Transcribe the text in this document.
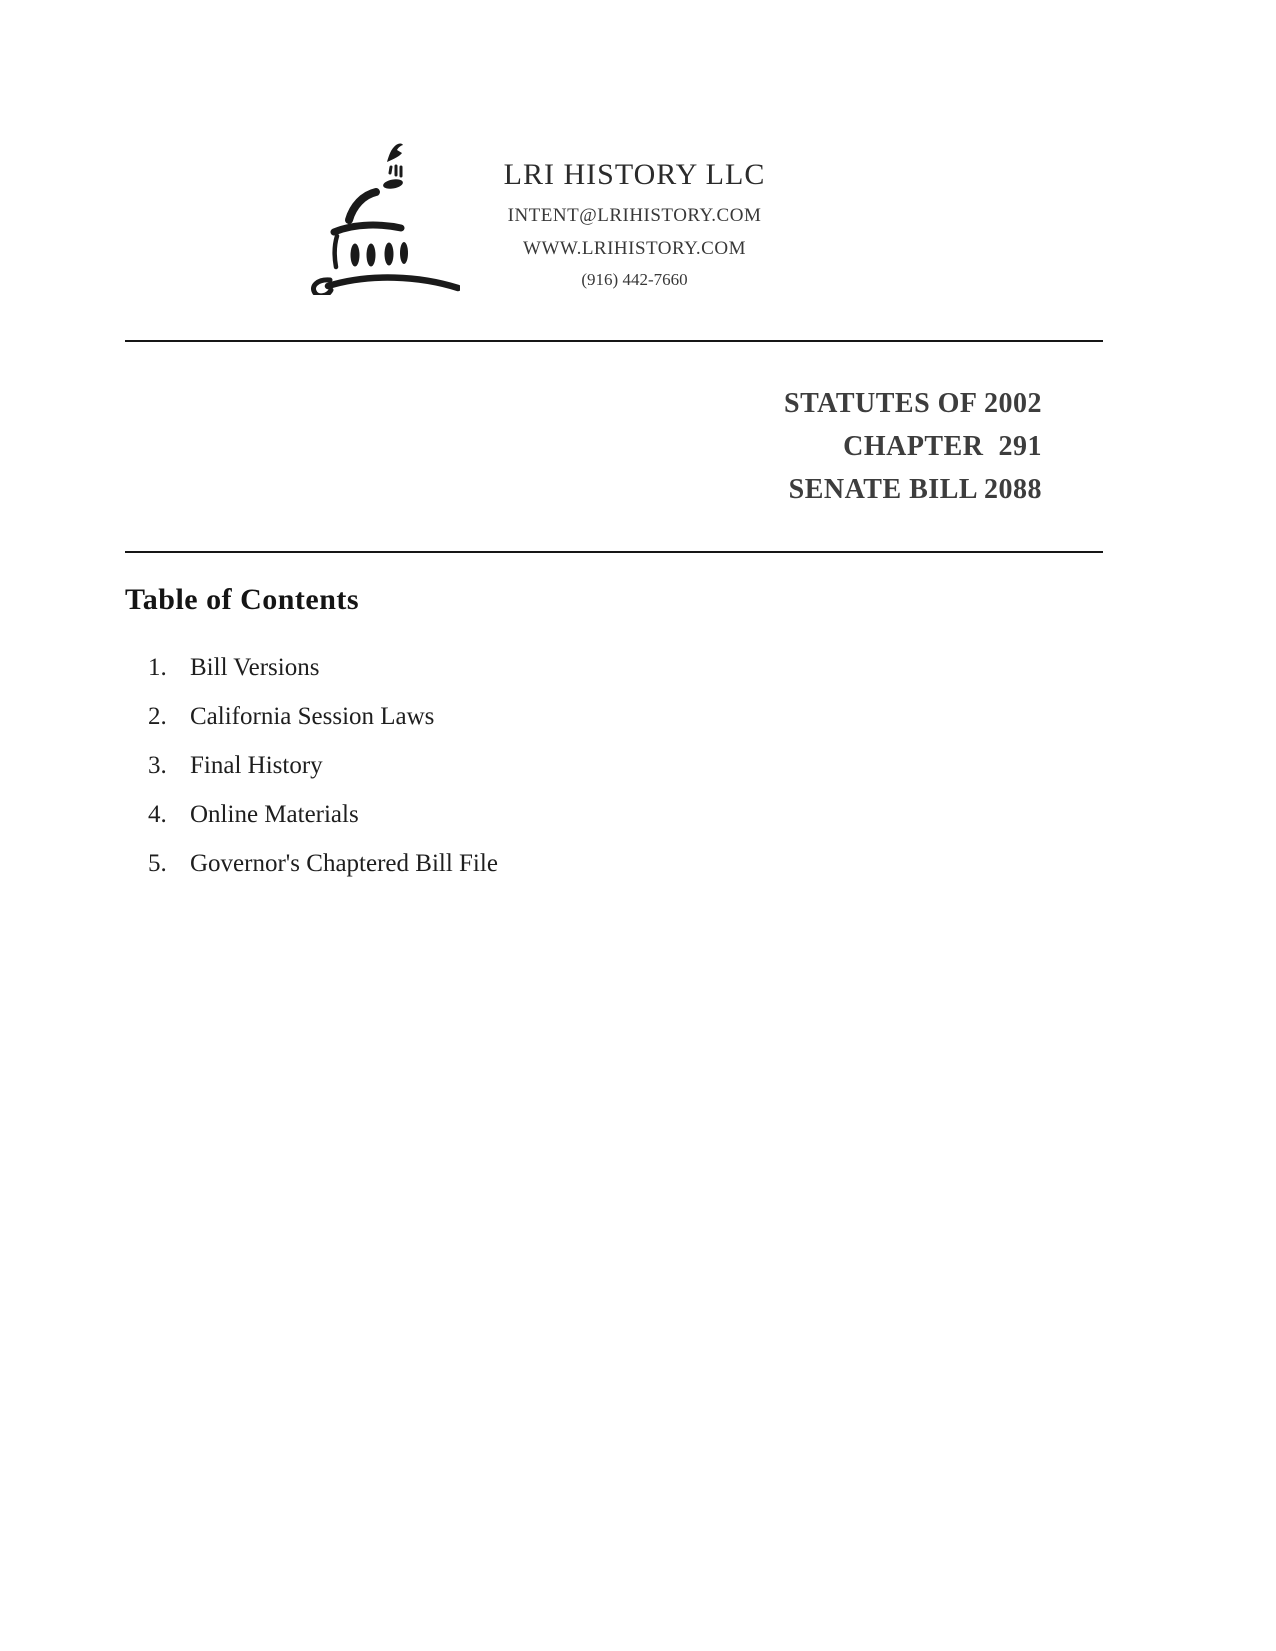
LRI HISTORY LLC
INTENT@LRIHISTORY.COM
WWW.LRIHISTORY.COM
(916) 442-7660
STATUTES OF 2002
CHAPTER  291
SENATE BILL 2088
Table of Contents
1. Bill Versions
2. California Session Laws
3. Final History
4. Online Materials
5. Governor's Chaptered Bill File
